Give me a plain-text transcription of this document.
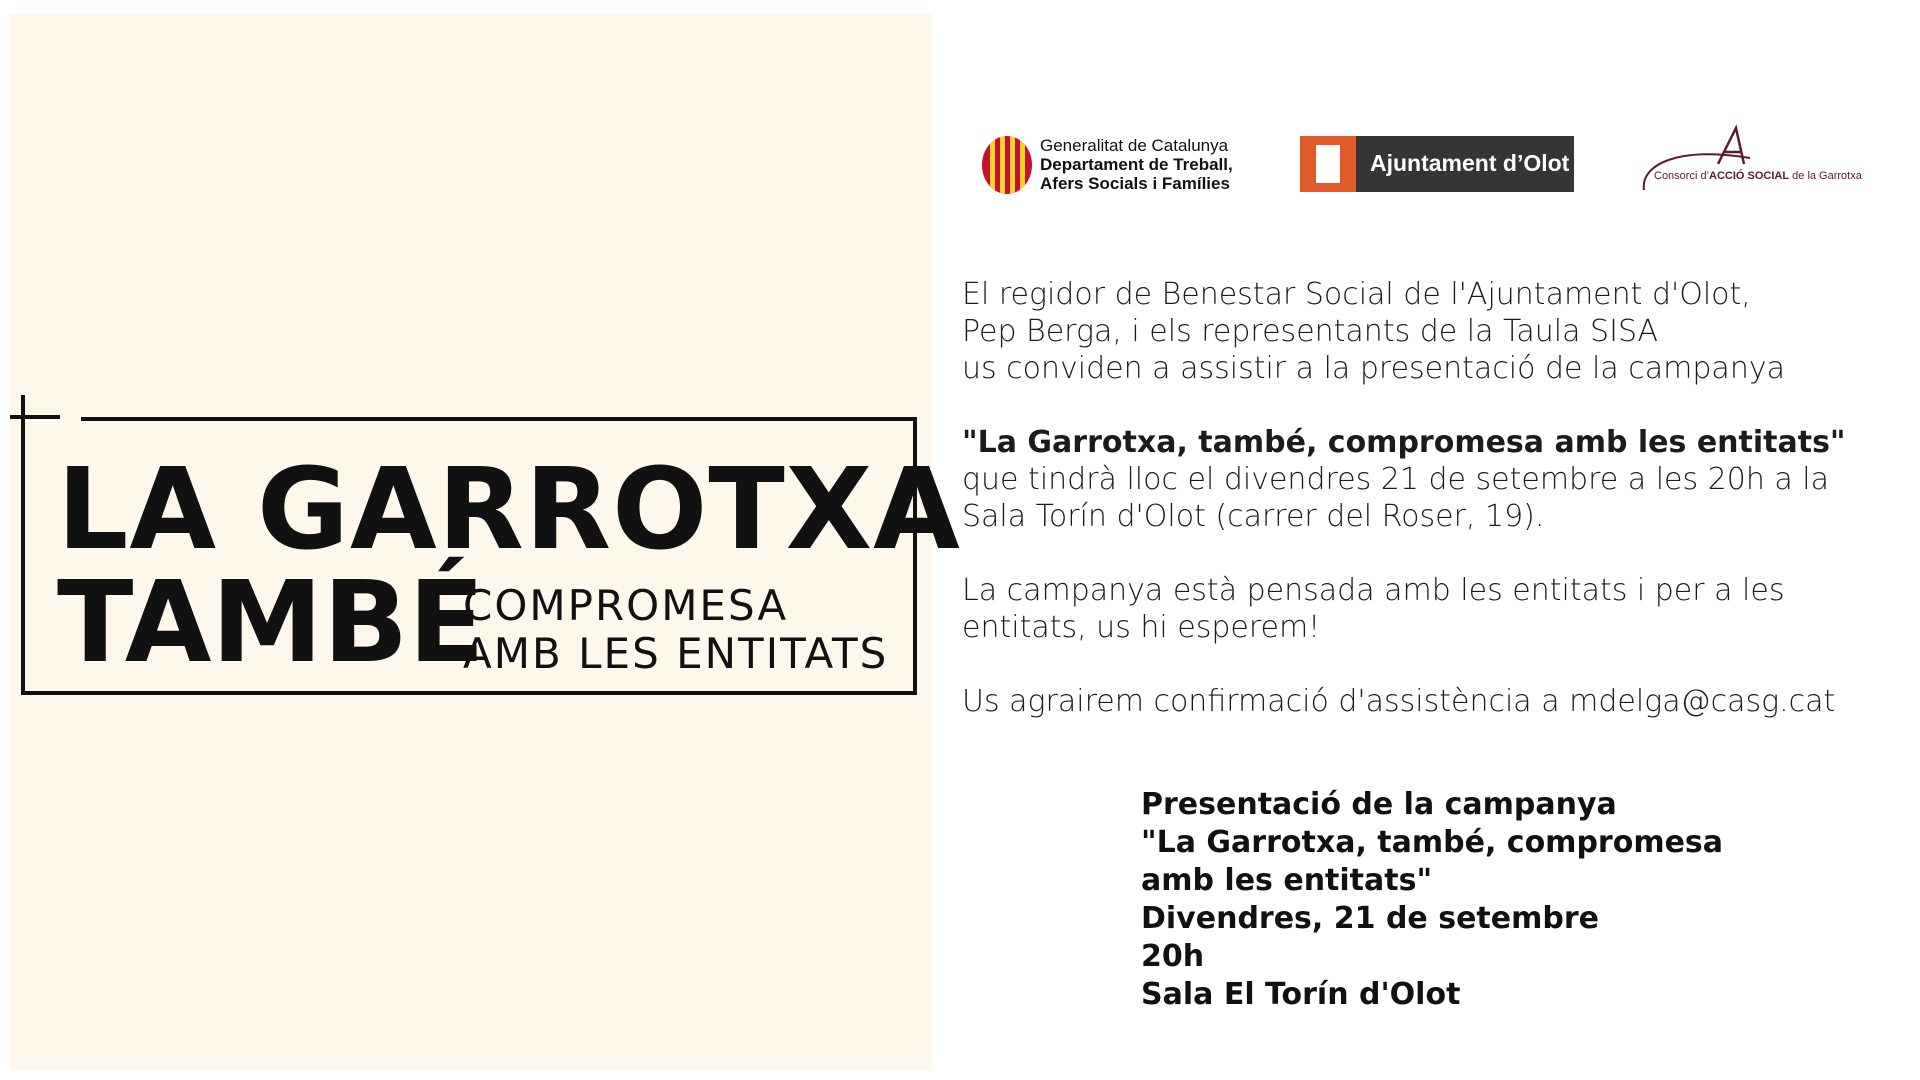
LA GARROTXA
TAMBÉ
COMPROMESA
AMB LES ENTITATS
Generalitat de Catalunya
Departament de Treball,
Afers Socials i Famílies
Ajuntament d’Olot	Consorci d’ACCIÓ SOCIAL de la Garrotxa

El regidor de Benestar Social de l'Ajuntament d'Olot,
Pep Berga, i els representants de la Taula SISA
us conviden a assistir a la presentació de la campanya

"La Garrotxa, també, compromesa amb les entitats"
que tindrà lloc el divendres 21 de setembre a les 20h a la
Sala Torín d'Olot (carrer del Roser, 19).

La campanya està pensada amb les entitats i per a les
entitats, us hi esperem!

Us agrairem confirmació d'assistència a mdelga@casg.cat

Presentació de la campanya
"La Garrotxa, també, compromesa
amb les entitats"
Divendres, 21 de setembre
20h
Sala El Torín d'Olot
